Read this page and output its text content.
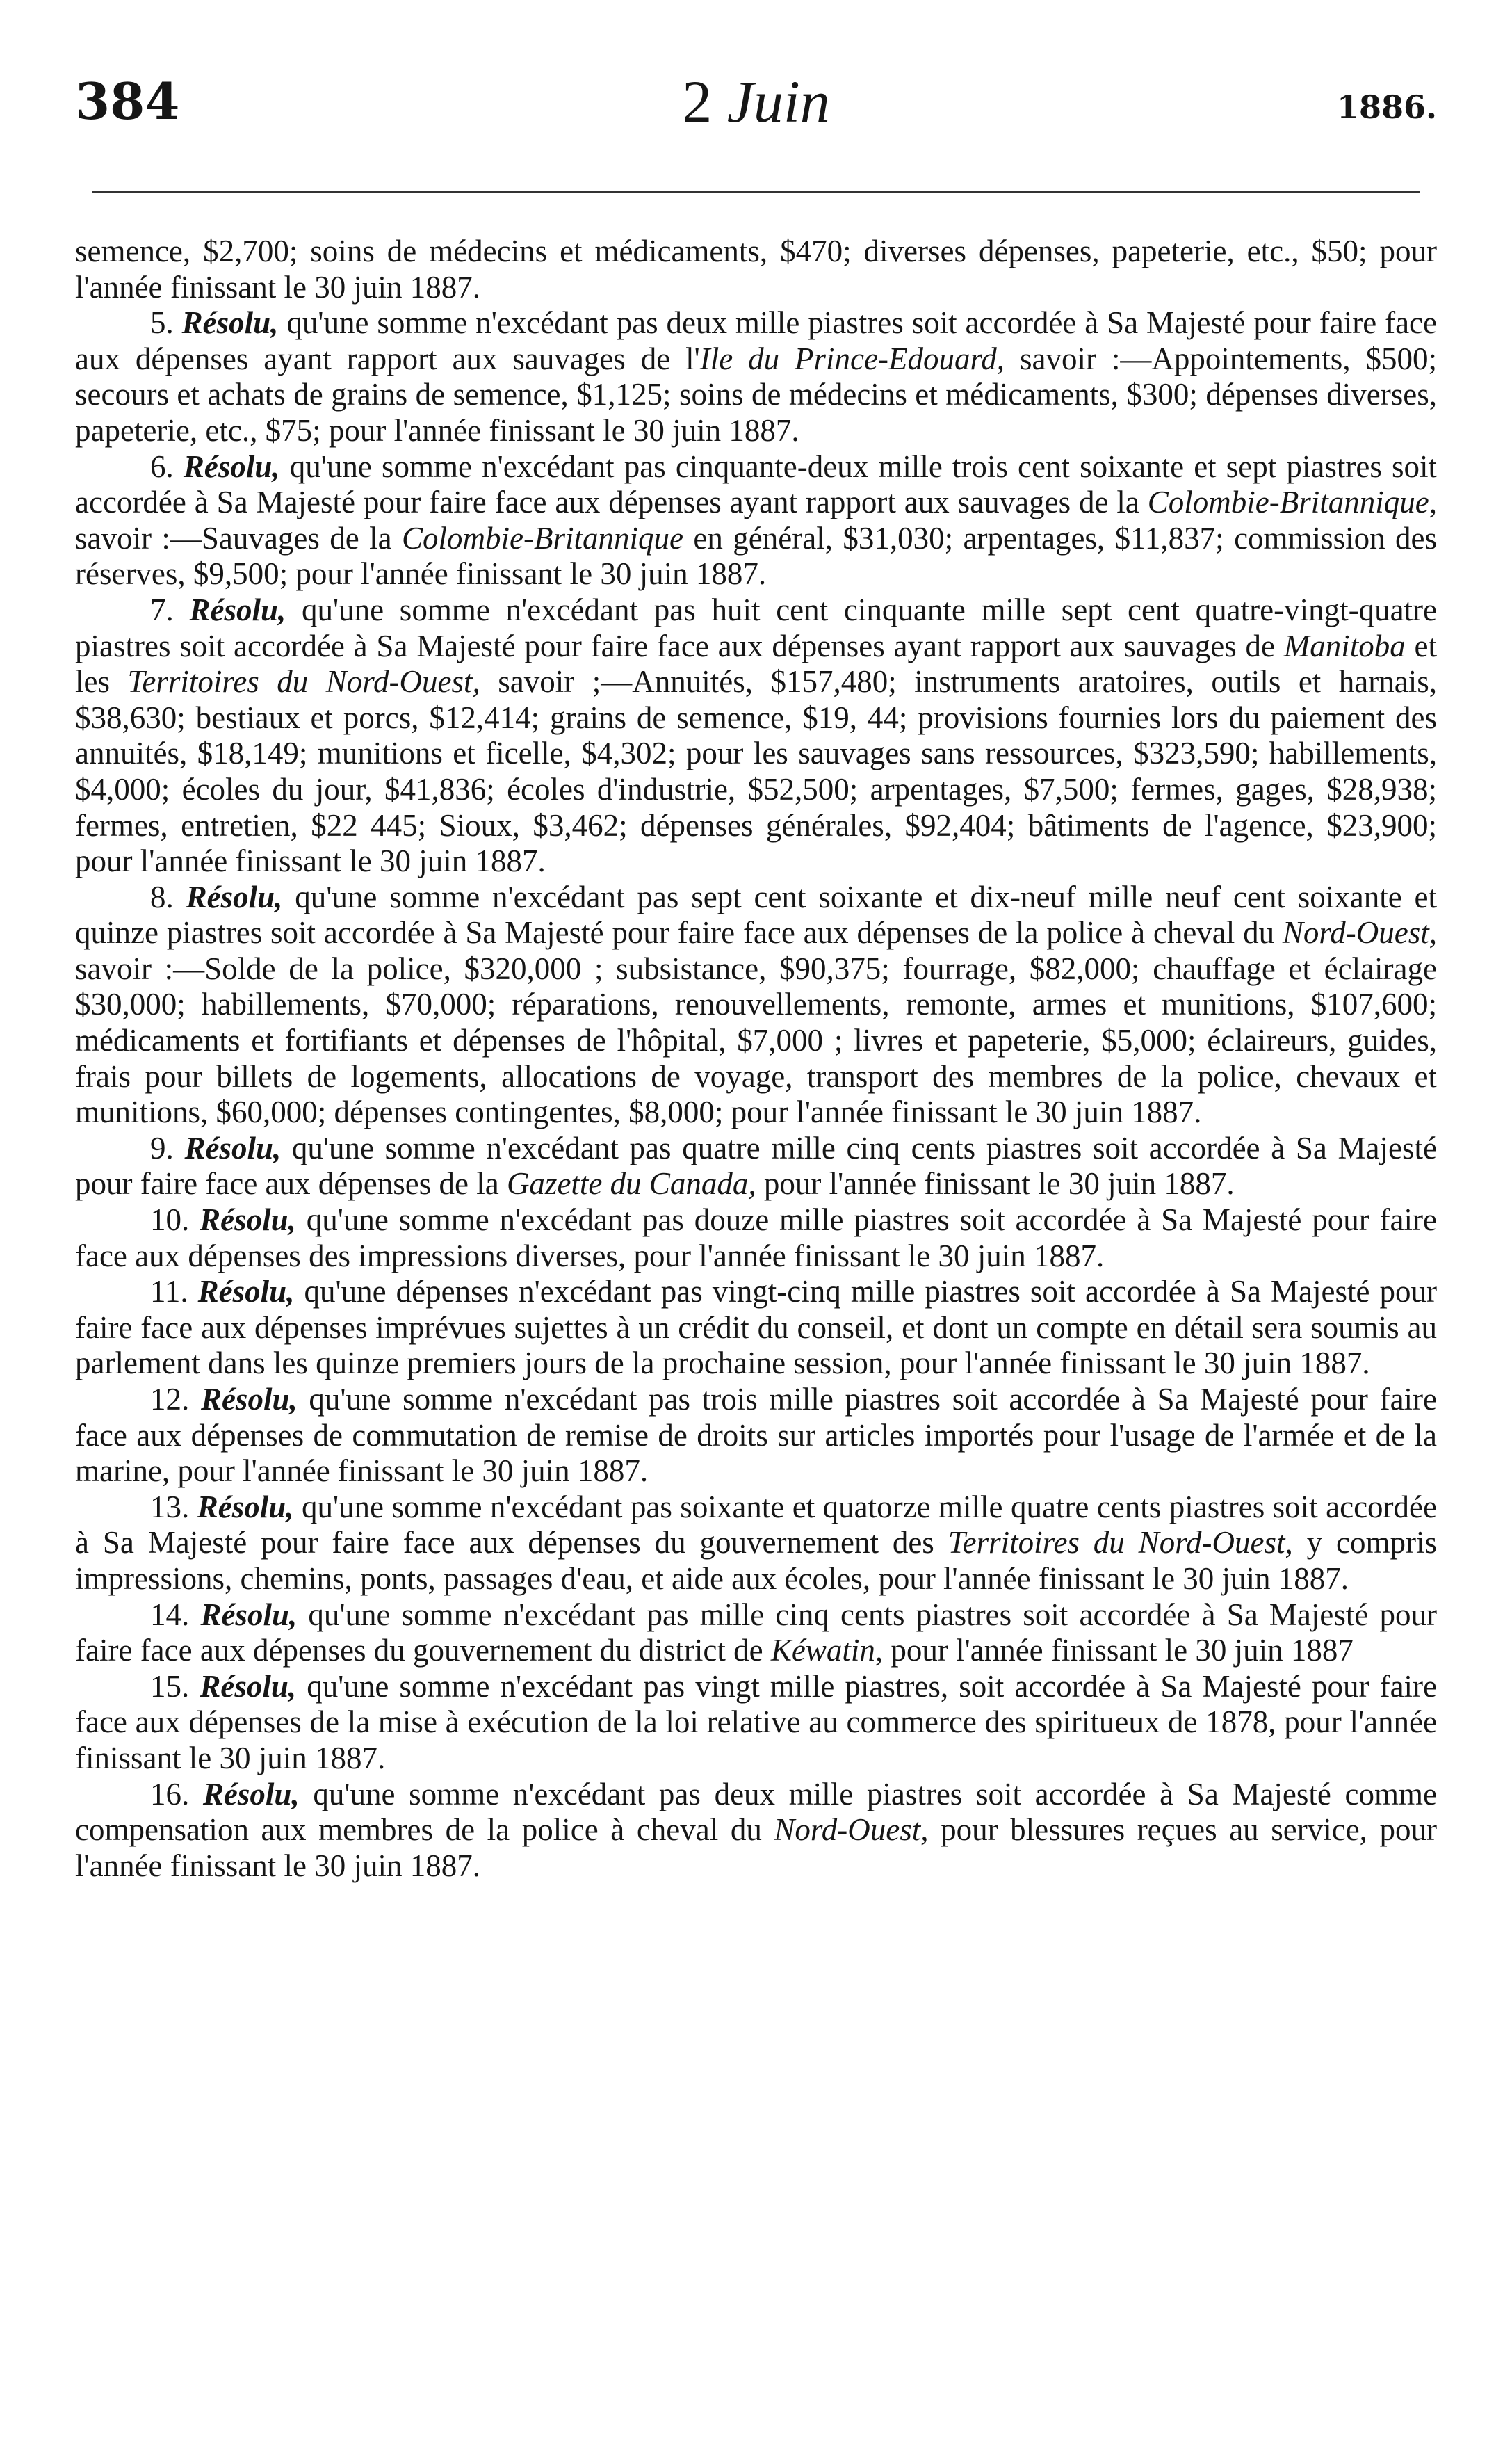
384	2 Juin	1886.

semence, $2,700; soins de médecins et médicaments, $470; diverses dépenses, papeterie, etc., $50; pour l'année finissant le 30 juin 1887.

5. Résolu, qu'une somme n'excédant pas deux mille piastres soit accordée à Sa Majesté pour faire face aux dépenses ayant rapport aux sauvages de l'Ile du Prince-Edouard, savoir :—Appointements, $500; secours et achats de grains de semence, $1,125; soins de médecins et médicaments, $300; dépenses diverses, papeterie, etc., $75; pour l'année finissant le 30 juin 1887.

6. Résolu, qu'une somme n'excédant pas cinquante-deux mille trois cent soixante et sept piastres soit accordée à Sa Majesté pour faire face aux dépenses ayant rapport aux sauvages de la Colombie-Britannique, savoir :—Sauvages de la Colombie-Britannique en général, $31,030; arpentages, $11,837; commission des réserves, $9,500; pour l'année finissant le 30 juin 1887.

7. Résolu, qu'une somme n'excédant pas huit cent cinquante mille sept cent quatre-vingt-quatre piastres soit accordée à Sa Majesté pour faire face aux dépenses ayant rapport aux sauvages de Manitoba et les Territoires du Nord-Ouest, savoir ;—Annuités, $157,480; instruments aratoires, outils et harnais, $38,630; bestiaux et porcs, $12,414; grains de semence, $19, 44; provisions fournies lors du paiement des annuités, $18,149; munitions et ficelle, $4,302; pour les sauvages sans ressources, $323,590; habillements, $4,000; écoles du jour, $41,836; écoles d'industrie, $52,500; arpentages, $7,500; fermes, gages, $28,938; fermes, entretien, $22 445; Sioux, $3,462; dépenses générales, $92,404; bâtiments de l'agence, $23,900; pour l'année finissant le 30 juin 1887.

8. Résolu, qu'une somme n'excédant pas sept cent soixante et dix-neuf mille neuf cent soixante et quinze piastres soit accordée à Sa Majesté pour faire face aux dépenses de la police à cheval du Nord-Ouest, savoir :—Solde de la police, $320,000 ; subsistance, $90,375; fourrage, $82,000; chauffage et éclairage $30,000; habillements, $70,000; réparations, renouvellements, remonte, armes et munitions, $107,600; médicaments et fortifiants et dépenses de l'hôpital, $7,000 ; livres et papeterie, $5,000; éclaireurs, guides, frais pour billets de logements, allocations de voyage, transport des membres de la police, chevaux et munitions, $60,000; dépenses contingentes, $8,000; pour l'année finissant le 30 juin 1887.

9. Résolu, qu'une somme n'excédant pas quatre mille cinq cents piastres soit accordée à Sa Majesté pour faire face aux dépenses de la Gazette du Canada, pour l'année finissant le 30 juin 1887.

10. Résolu, qu'une somme n'excédant pas douze mille piastres soit accordée à Sa Majesté pour faire face aux dépenses des impressions diverses, pour l'année finissant le 30 juin 1887.

11. Résolu, qu'une dépenses n'excédant pas vingt-cinq mille piastres soit accordée à Sa Majesté pour faire face aux dépenses imprévues sujettes à un crédit du conseil, et dont un compte en détail sera soumis au parlement dans les quinze premiers jours de la prochaine session, pour l'année finissant le 30 juin 1887.

12. Résolu, qu'une somme n'excédant pas trois mille piastres soit accordée à Sa Majesté pour faire face aux dépenses de commutation de remise de droits sur articles importés pour l'usage de l'armée et de la marine, pour l'année finissant le 30 juin 1887.

13. Résolu, qu'une somme n'excédant pas soixante et quatorze mille quatre cents piastres soit accordée à Sa Majesté pour faire face aux dépenses du gouvernement des Territoires du Nord-Ouest, y compris impressions, chemins, ponts, passages d'eau, et aide aux écoles, pour l'année finissant le 30 juin 1887.

14. Résolu, qu'une somme n'excédant pas mille cinq cents piastres soit accordée à Sa Majesté pour faire face aux dépenses du gouvernement du district de Kéwatin, pour l'année finissant le 30 juin 1887

15. Résolu, qu'une somme n'excédant pas vingt mille piastres, soit accordée à Sa Majesté pour faire face aux dépenses de la mise à exécution de la loi relative au commerce des spiritueux de 1878, pour l'année finissant le 30 juin 1887.

16. Résolu, qu'une somme n'excédant pas deux mille piastres soit accordée à Sa Majesté comme compensation aux membres de la police à cheval du Nord-Ouest, pour blessures reçues au service, pour l'année finissant le 30 juin 1887.
